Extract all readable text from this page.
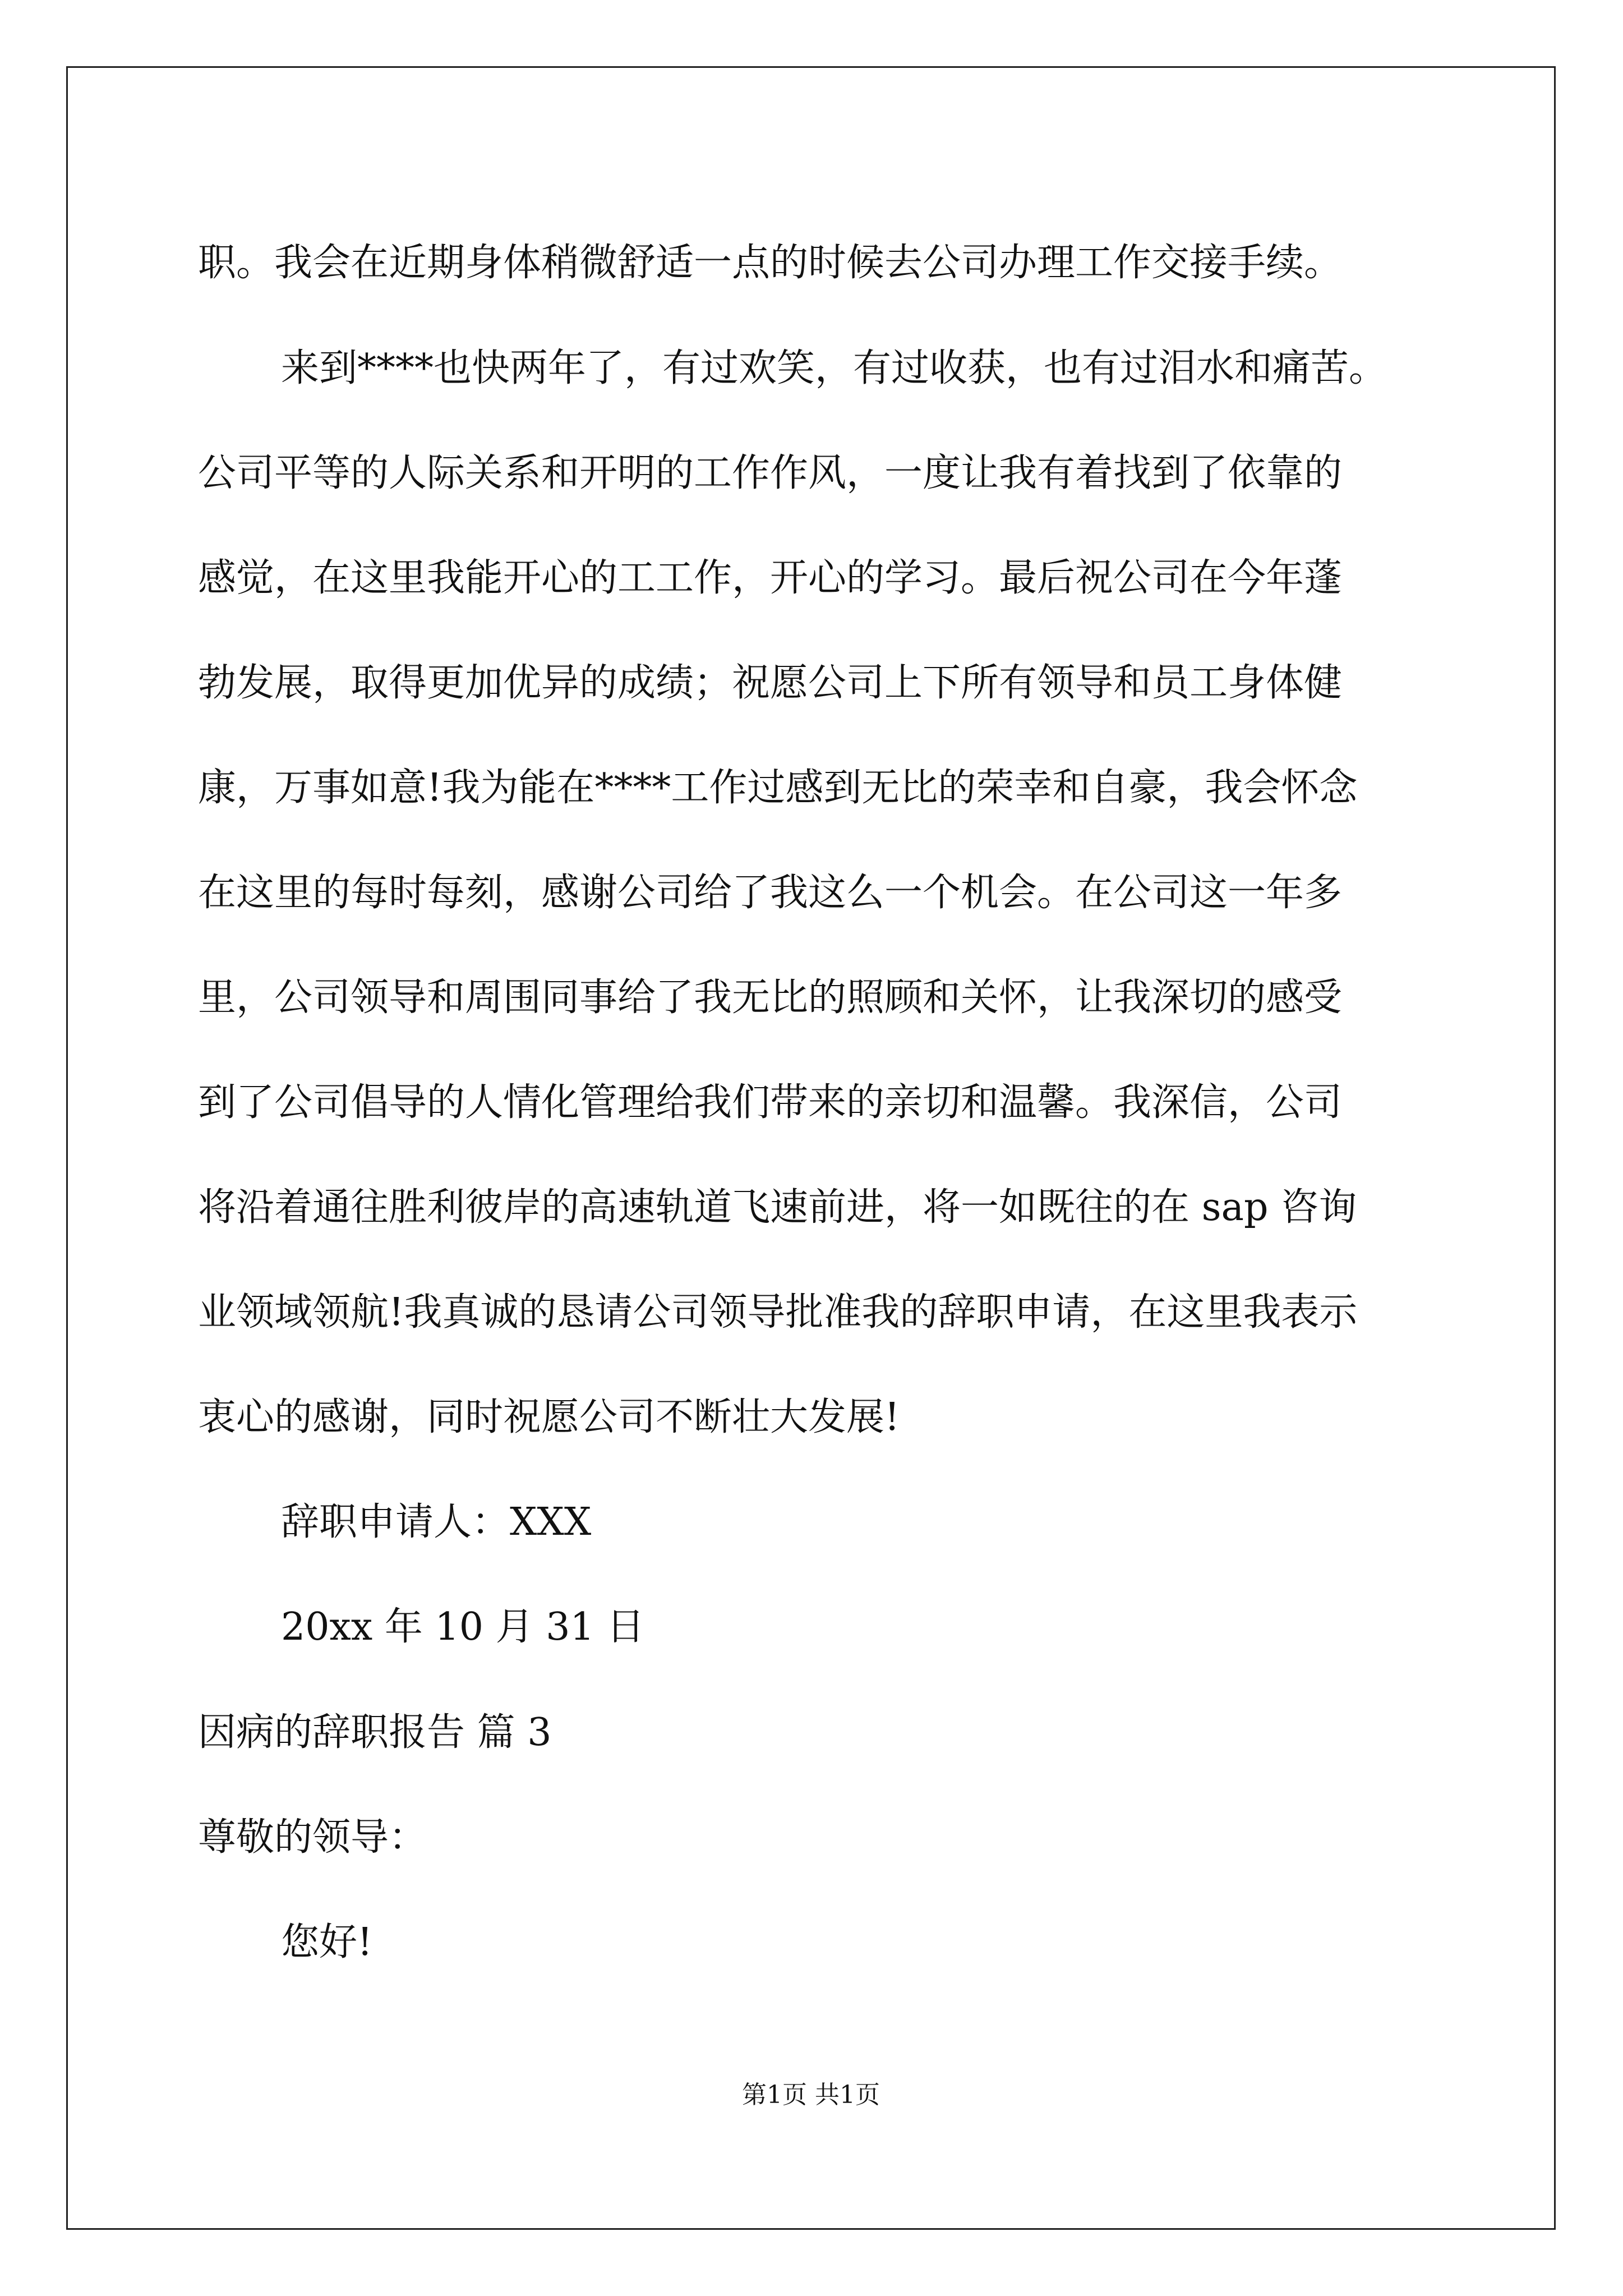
职。我会在近期身体稍微舒适一点的时候去公司办理工作交接手续。
来到****也快两年了，有过欢笑，有过收获，也有过泪水和痛苦。
公司平等的人际关系和开明的工作作风，一度让我有着找到了依靠的
感觉，在这里我能开心的工工作，开心的学习。最后祝公司在今年蓬
勃发展，取得更加优异的成绩；祝愿公司上下所有领导和员工身体健
康，万事如意!我为能在****工作过感到无比的荣幸和自豪，我会怀念
在这里的每时每刻，感谢公司给了我这么一个机会。在公司这一年多
里，公司领导和周围同事给了我无比的照顾和关怀，让我深切的感受
到了公司倡导的人情化管理给我们带来的亲切和温馨。我深信，公司
将沿着通往胜利彼岸的高速轨道飞速前进，将一如既往的在 sap 咨询
业领域领航!我真诚的恳请公司领导批准我的辞职申请，在这里我表示
衷心的感谢，同时祝愿公司不断壮大发展!
辞职申请人：XXX
20xx 年 10 月 31 日
因病的辞职报告 篇 3
尊敬的领导：
您好!
第1页 共1页
